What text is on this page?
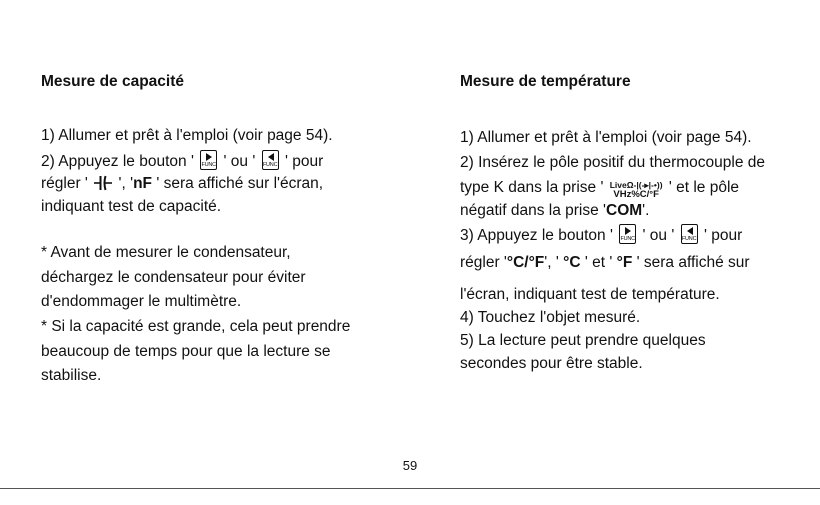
Mesure de capacité
1) Allumer et prêt à l'emploi (voir page 54).
2) Appuyez le bouton ' FUNC ' ou ' FUNC ' pour
régler ' ', 'nF ' sera affiché sur l'écran,
indiquant test de capacité.
* Avant de mesurer le condensateur,
déchargez le condensateur pour éviter
d'endommager le multimètre.
* Si la capacité est grande, cela peut prendre
beaucoup de temps pour que la lecture se
stabilise.
Mesure de température
1) Allumer et prêt à l'emploi (voir page 54).
2) Insérez le pôle positif du thermocouple de
type K dans la prise ' LiveΩ-|(-▸|-•))
VHz%C/°F ' et le pôle
négatif dans la prise 'COM'.
3) Appuyez le bouton ' FUNC ' ou ' FUNC ' pour
régler '°C/°F', ' °C ' et ' °F ' sera affiché sur
l'écran, indiquant test de température.
4) Touchez l'objet mesuré.
5) La lecture peut prendre quelques
secondes pour être stable.
59
